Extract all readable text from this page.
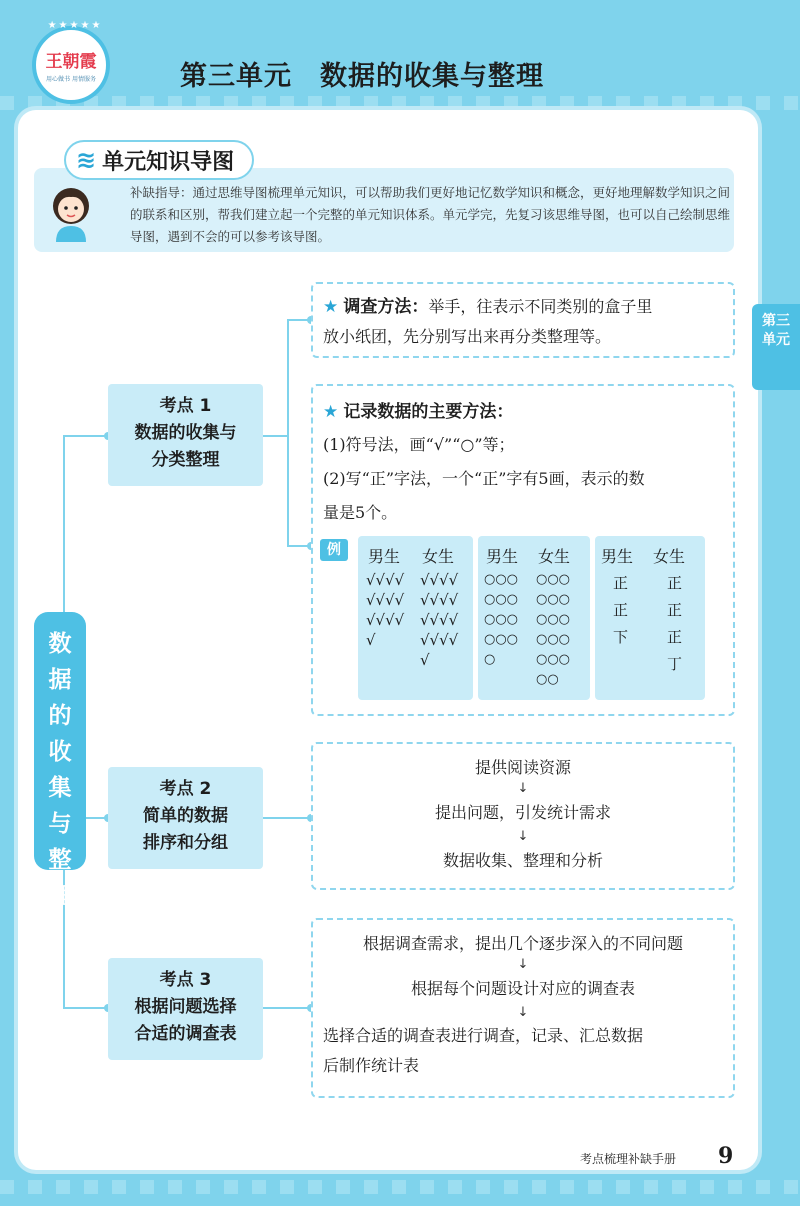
★★★★★
王朝霞
用心做书 用情服务	第三单元　数据的收集与整理
补缺指导：通过思维导图梳理单元知识，可以帮助我们更好地记忆数学知识和概念，更好地理解数学知识之间的联系和区别，帮我们建立起一个完整的单元知识体系。单元学完，先复习该思维导图，也可以自己绘制思维导图，遇到不会的可以参考该导图。
≋ 单元知识导图
第三
单元
数
据
的
收
集
与
整
理
考点 1
数据的收集与
分类整理
考点 2
简单的数据
排序和分组
考点 3
根据问题选择
合适的调查表
★ 调查方法：举手，往表示不同类别的盒子里
放小纸团，先分别写出来再分类整理等。
★ 记录数据的主要方法：
(1)符号法，画“√”“○”等；
(2)写“正”字法，一个“正”字有5画，表示的数
量是5个。
例	男生 女生
√√√√
√√√√
√√√√
√
√√√√
√√√√
√√√√
√√√√
√
男生 女生
○○○
○○○
○○○
○○○
○
○○○
○○○
○○○
○○○
○○○
○○
男生 女生
正
正
下
正
正
正
丁
提供阅读资源
↓
提出问题，引发统计需求
↓
数据收集、整理和分析
根据调查需求，提出几个逐步深入的不同问题
↓
根据每个问题设计对应的调查表
↓
选择合适的调查表进行调查，记录、汇总数据
后制作统计表
考点梳理补缺手册 9
